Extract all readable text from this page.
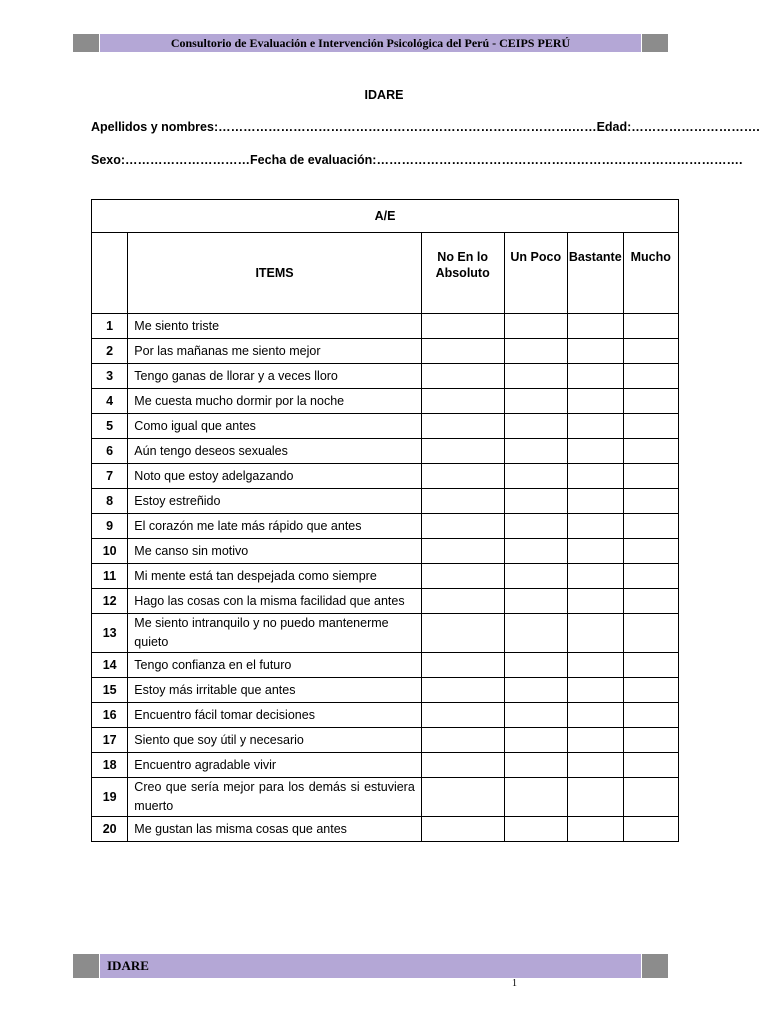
Consultorio de Evaluación e Intervención Psicológica del Perú - CEIPS PERÚ
IDARE
Apellidos y nombres:………………………………………………………………………….……Edad:………………………….
Sexo:…………………………Fecha de evaluación:…………………………………………………………………………….
A/E					
	ITEMS	No En lo Absoluto	Un Poco	Bastante	Mucho
1	Me siento triste				
2	Por las mañanas me siento mejor				
3	Tengo ganas de llorar y a veces lloro				
4	Me cuesta mucho dormir por la noche				
5	Como igual que antes				
6	Aún tengo deseos sexuales				
7	Noto que estoy adelgazando				
8	Estoy estreñido				
9	El corazón me late más rápido que antes				
10	Me canso sin motivo				
11	Mi mente está tan despejada como siempre				
12	Hago las cosas con la misma facilidad que antes				
13	Me siento intranquilo y no puedo mantenerme quieto				
14	Tengo confianza en el futuro				
15	Estoy más irritable que antes				
16	Encuentro fácil tomar decisiones				
17	Siento que soy útil y necesario				
18	Encuentro agradable vivir				
19	Creo que sería mejor para los demás si estuviera muerto				
20	Me gustan las misma cosas que antes				
IDARE
1
